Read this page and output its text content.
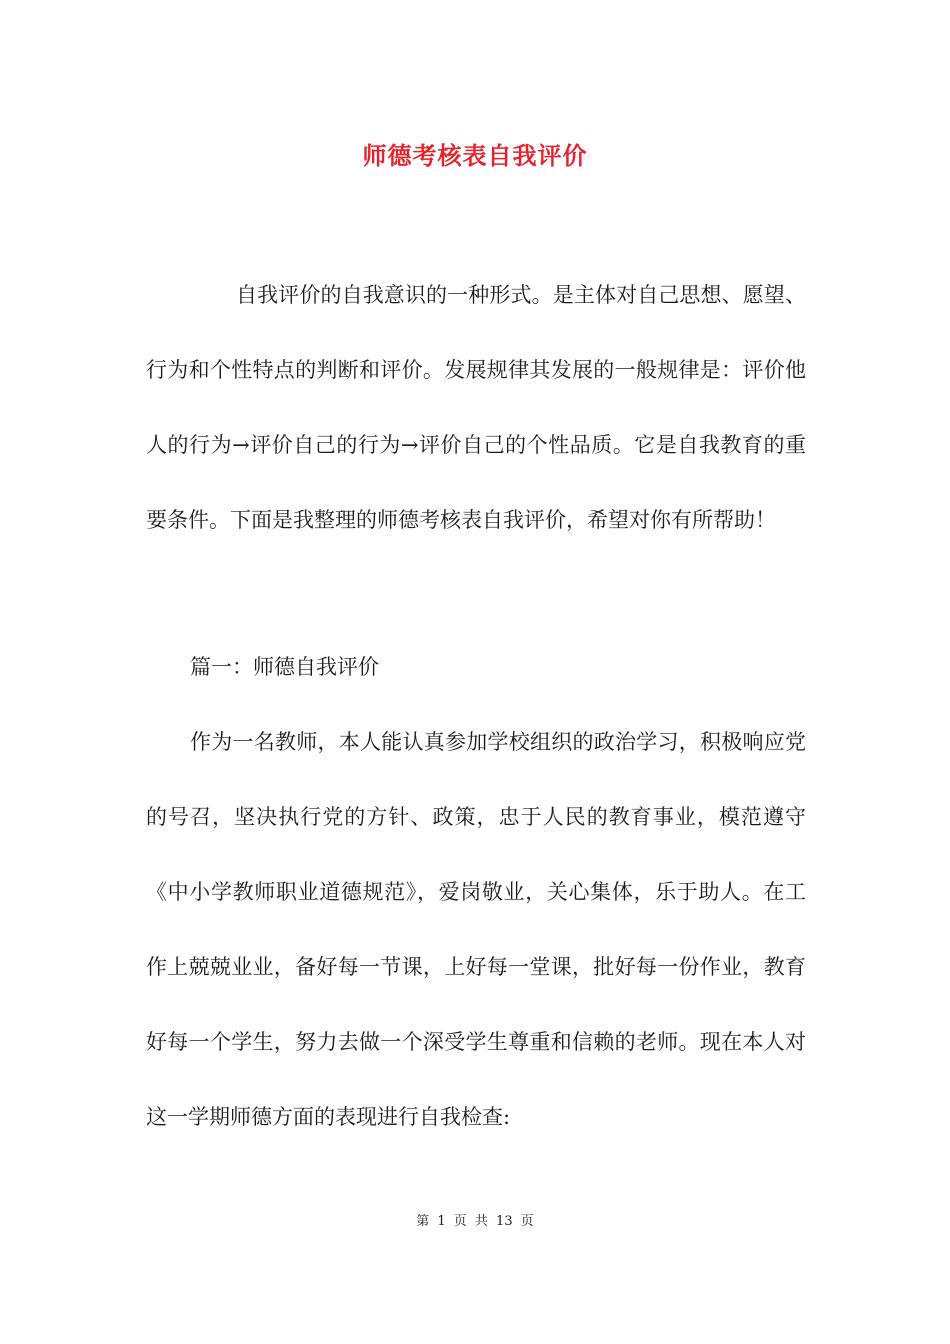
师德考核表自我评价
自我评价的自我意识的一种形式。是主体对自己思想、愿望、行为和个性特点的判断和评价。发展规律其发展的一般规律是：评价他人的行为→评价自己的行为→评价自己的个性品质。它是自我教育的重要条件。下面是我整理的师德考核表自我评价，希望对你有所帮助！
篇一：师德自我评价
作为一名教师，本人能认真参加学校组织的政治学习，积极响应党的号召，坚决执行党的方针、政策，忠于人民的教育事业，模范遵守《中小学教师职业道德规范》，爱岗敬业，关心集体，乐于助人。在工作上兢兢业业，备好每一节课，上好每一堂课，批好每一份作业，教育好每一个学生，努力去做一个深受学生尊重和信赖的老师。现在本人对这一学期师德方面的表现进行自我检查:
第 1 页 共 13 页
